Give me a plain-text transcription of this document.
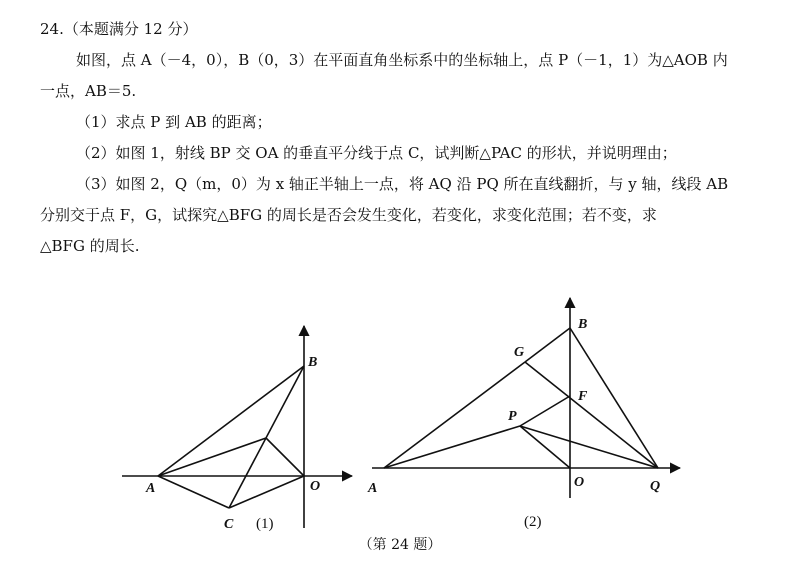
24.（本题满分 12 分）
如图，点 A（－4，0），B（0，3）在平面直角坐标系中的坐标轴上，点 P（－1，1）为△AOB 内
一点，AB＝5.
（1）求点 P 到 AB 的距离；
（2）如图 1，射线 BP 交 OA 的垂直平分线于点 C，试判断△PAC 的形状，并说明理由；
（3）如图 2，Q（m，0）为 x 轴正半轴上一点，将 AQ 沿 PQ 所在直线翻折，与 y 轴，线段 AB
分别交于点 F，G，试探究△BFG 的周长是否会发生变化，若变化，求变化范围；若不变，求
△BFG 的周长.
A
B
O
C (1)
A
B
O	Q
G
F
P
(2)
（第 24 题）
